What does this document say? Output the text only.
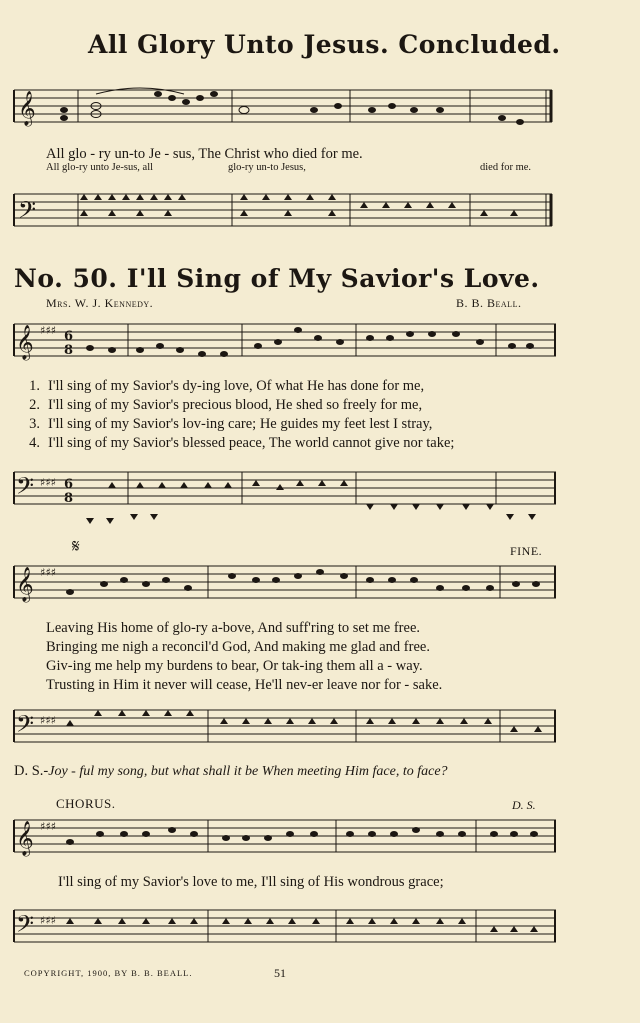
All Glory Unto Jesus. Concluded.
𝄞
All glo - ry un-to Je - sus, The Christ who died for me.
All glo-ry unto Je-sus, all	glo-ry un-to Jesus,	died for me.
𝄢
No. 50. I'll Sing of My Savior's Love.
Mrs. W. J. Kennedy.	B. B. Beall.
𝄞 ♯♯♯ 6
8
1. I'll sing of my Savior's dy-ing love, Of what He has done for me,
2. I'll sing of my Savior's precious blood, He shed so freely for me,
3. I'll sing of my Savior's lov-ing care; He guides my feet lest I stray,
4. I'll sing of my Savior's blessed peace, The world cannot give nor take;
𝄢 ♯♯♯ 6
8
𝄋	FINE.
𝄞 ♯♯♯
Leaving His home of glo-ry a-bove, And suff'ring to set me free.
Bringing me nigh a reconcil'd God, And making me glad and free.
Giv-ing me help my burdens to bear, Or tak-ing them all a - way.
Trusting in Him it never will cease, He'll nev-er leave nor for - sake.
𝄢 ♯♯♯
D. S.-Joy - ful my song, but what shall it be When meeting Him face, to face?
CHORUS.	D. S.
𝄞 ♯♯♯
I'll sing of my Savior's love to me, I'll sing of His wondrous grace;
𝄢 ♯♯♯
COPYRIGHT, 1900, BY B. B. BEALL.	51
